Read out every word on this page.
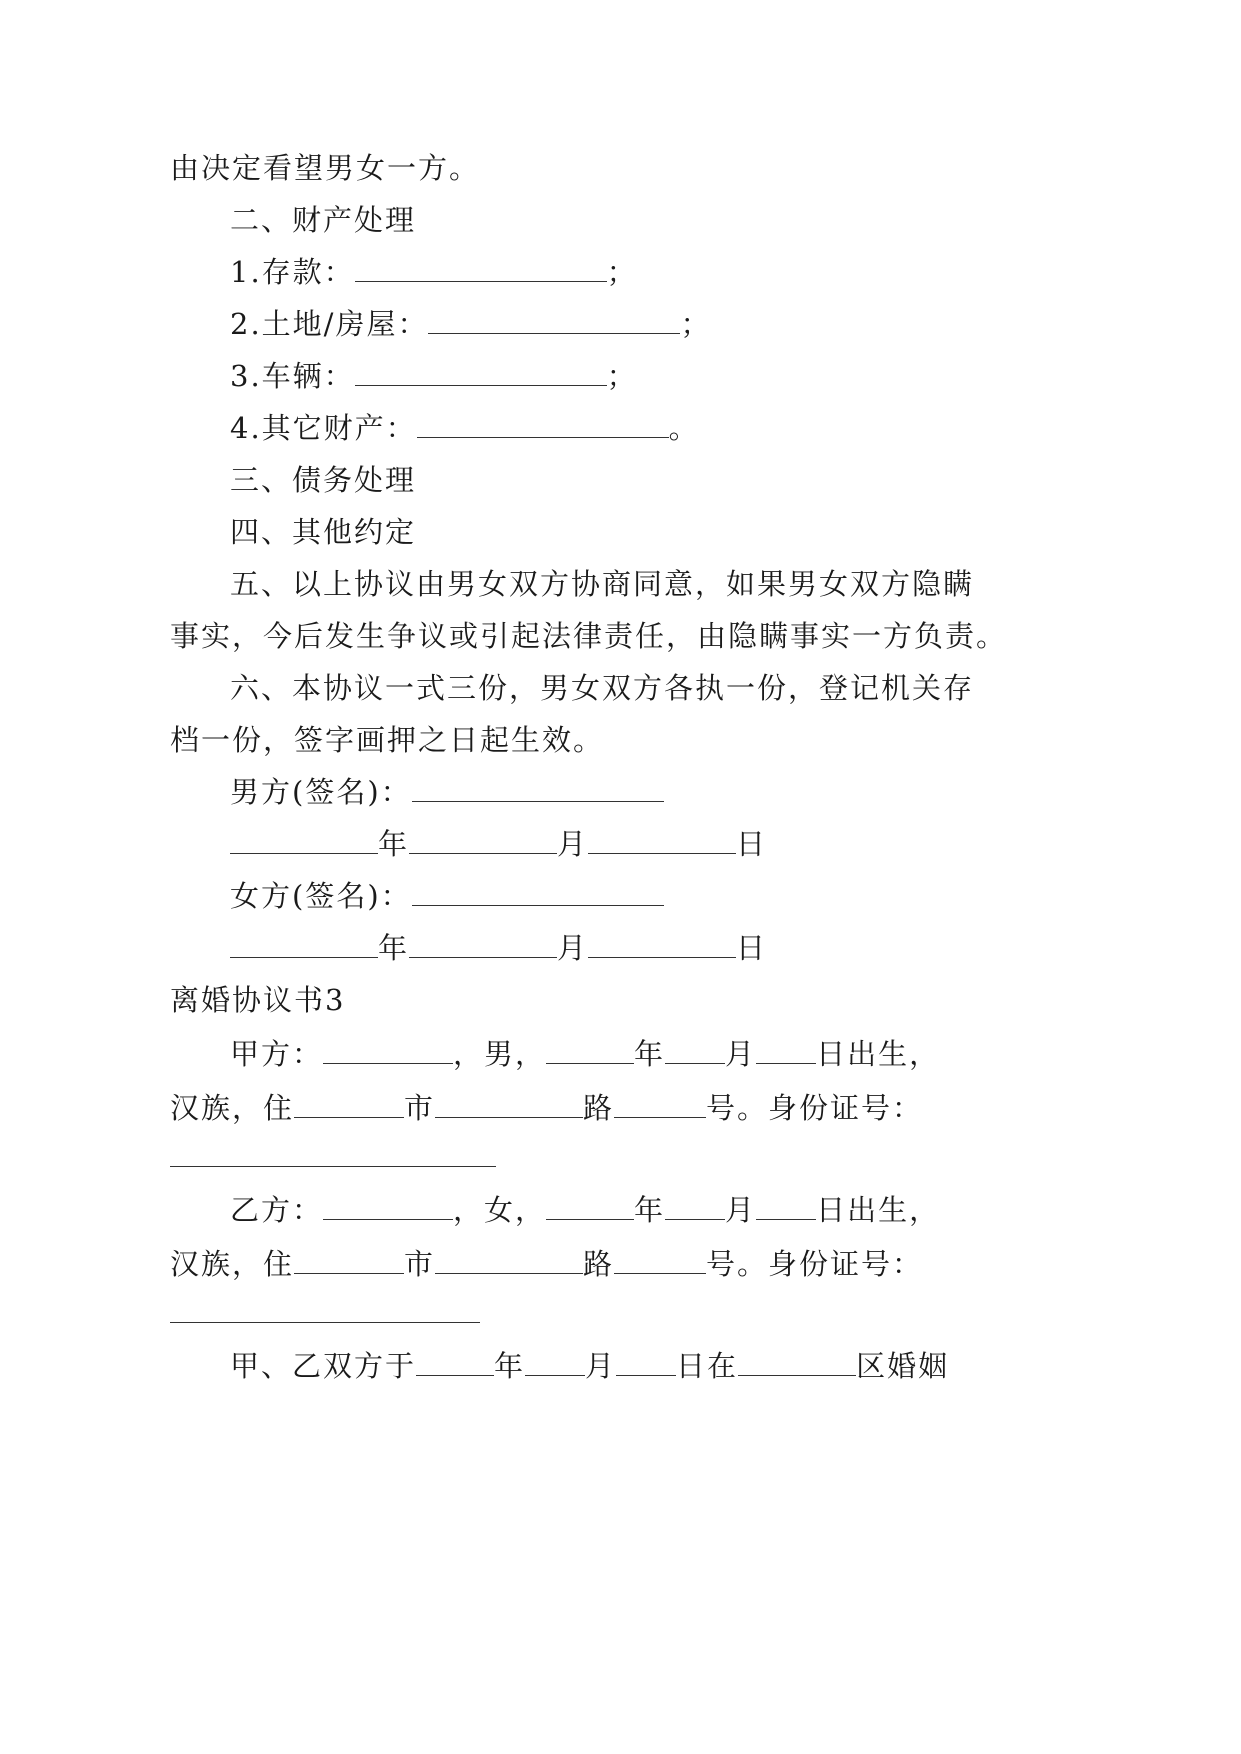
由决定看望男女一方。
二、财产处理
1.存款：	；
2.土地/房屋：	；
3.车辆：	；
4.其它财产：	。
三、债务处理
四、其他约定
五、以上协议由男女双方协商同意，如果男女双方隐瞒
事实，今后发生争议或引起法律责任，由隐瞒事实一方负责。
六、本协议一式三份，男女双方各执一份，登记机关存
档一份，签字画押之日起生效。
男方(签名)：
年	月	日
女方(签名)：
年	月	日
离婚协议书3
甲方：	，男，	年 月 日出生，
汉族，住	市	路	号。身份证号：
乙方：	，女，	年 月 日出生，
汉族，住	市	路	号。身份证号：
甲、乙双方于	年 月 日在	区婚姻
